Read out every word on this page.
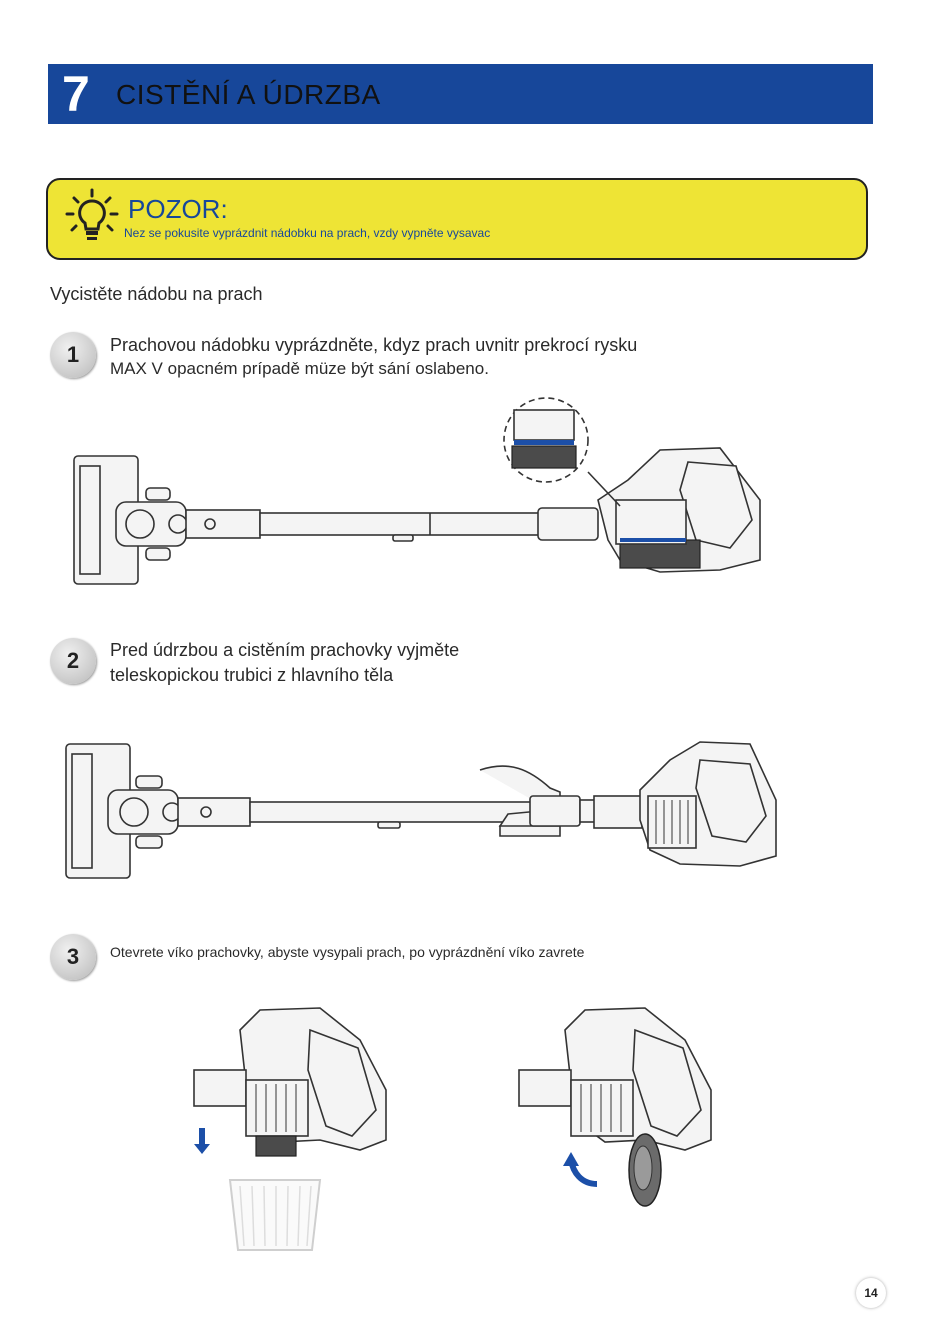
7 CISTĚNÍ A ÚDRZBA
POZOR:
Nez se pokusite vyprázdnit nádobku na prach, vzdy vypněte vysavac
Vycistěte nádobu na prach
1	Prachovou nádobku vyprázdněte, kdyz prach uvnitr prekrocí rysku
MAX V opacném prípadě müze být sání oslabeno.
2	Pred údrzbou a cistěním prachovky vyjměte
teleskopickou trubici z hlavního těla
3	Otevrete víko prachovky, abyste vysypali prach, po vyprázdnění víko zavrete
14
